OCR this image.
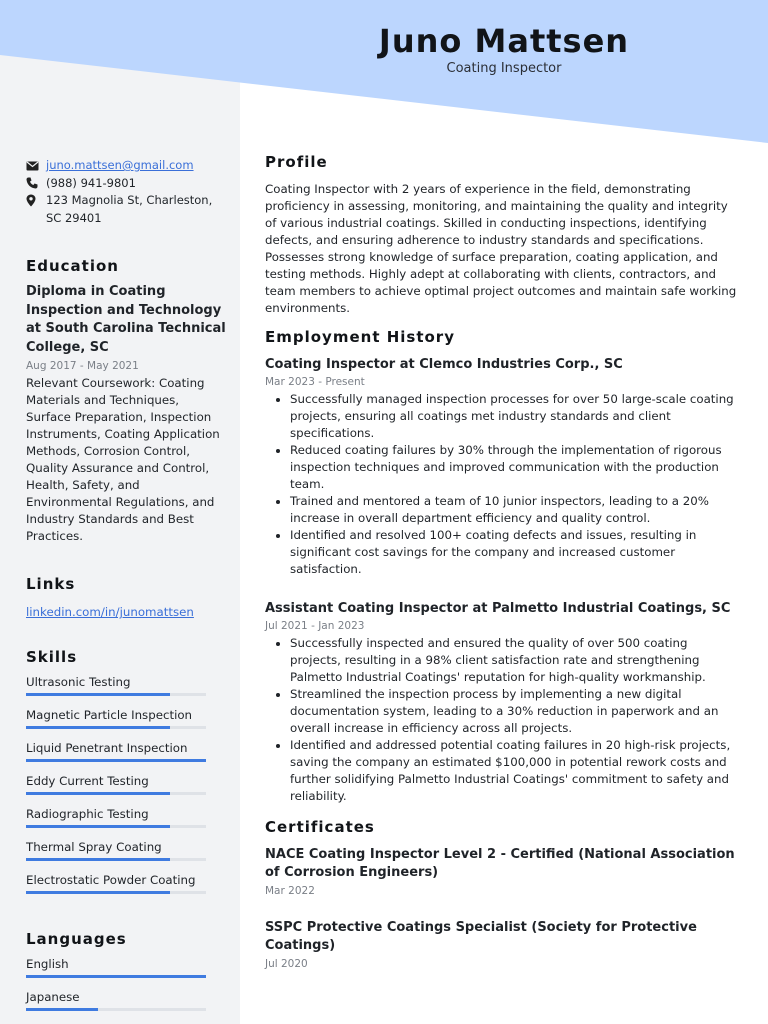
Juno Mattsen
Coating Inspector
juno.mattsen@gmail.com
(988) 941-9801
123 Magnolia St, Charleston, SC 29401
Education
Diploma in Coating Inspection and Technology at South Carolina Technical College, SC
Aug 2017 - May 2021
Relevant Coursework: Coating Materials and Techniques, Surface Preparation, Inspection Instruments, Coating Application Methods, Corrosion Control, Quality Assurance and Control, Health, Safety, and Environmental Regulations, and Industry Standards and Best Practices.
Links
linkedin.com/in/junomattsen
Skills
Ultrasonic Testing
Magnetic Particle Inspection
Liquid Penetrant Inspection
Eddy Current Testing
Radiographic Testing
Thermal Spray Coating
Electrostatic Powder Coating
Languages
English
Japanese
Profile

Coating Inspector with 2 years of experience in the field, demonstrating proficiency in assessing, monitoring, and maintaining the quality and integrity of various industrial coatings. Skilled in conducting inspections, identifying defects, and ensuring adherence to industry standards and specifications. Possesses strong knowledge of surface preparation, coating application, and testing methods. Highly adept at collaborating with clients, contractors, and team members to achieve optimal project outcomes and maintain safe working environments.

Employment History
Coating Inspector at Clemco Industries Corp., SC
Mar 2023 - Present
• Successfully managed inspection processes for over 50 large-scale coating projects, ensuring all coatings met industry standards and client specifications.
• Reduced coating failures by 30% through the implementation of rigorous inspection techniques and improved communication with the production team.
• Trained and mentored a team of 10 junior inspectors, leading to a 20% increase in overall department efficiency and quality control.
• Identified and resolved 100+ coating defects and issues, resulting in significant cost savings for the company and increased customer satisfaction.
Assistant Coating Inspector at Palmetto Industrial Coatings, SC
Jul 2021 - Jan 2023
• Successfully inspected and ensured the quality of over 500 coating projects, resulting in a 98% client satisfaction rate and strengthening Palmetto Industrial Coatings' reputation for high-quality workmanship.
• Streamlined the inspection process by implementing a new digital documentation system, leading to a 30% reduction in paperwork and an overall increase in efficiency across all projects.
• Identified and addressed potential coating failures in 20 high-risk projects, saving the company an estimated $100,000 in potential rework costs and further solidifying Palmetto Industrial Coatings' commitment to safety and reliability.
Certificates
NACE Coating Inspector Level 2 - Certified (National Association of Corrosion Engineers)
Mar 2022
SSPC Protective Coatings Specialist (Society for Protective Coatings)
Jul 2020
